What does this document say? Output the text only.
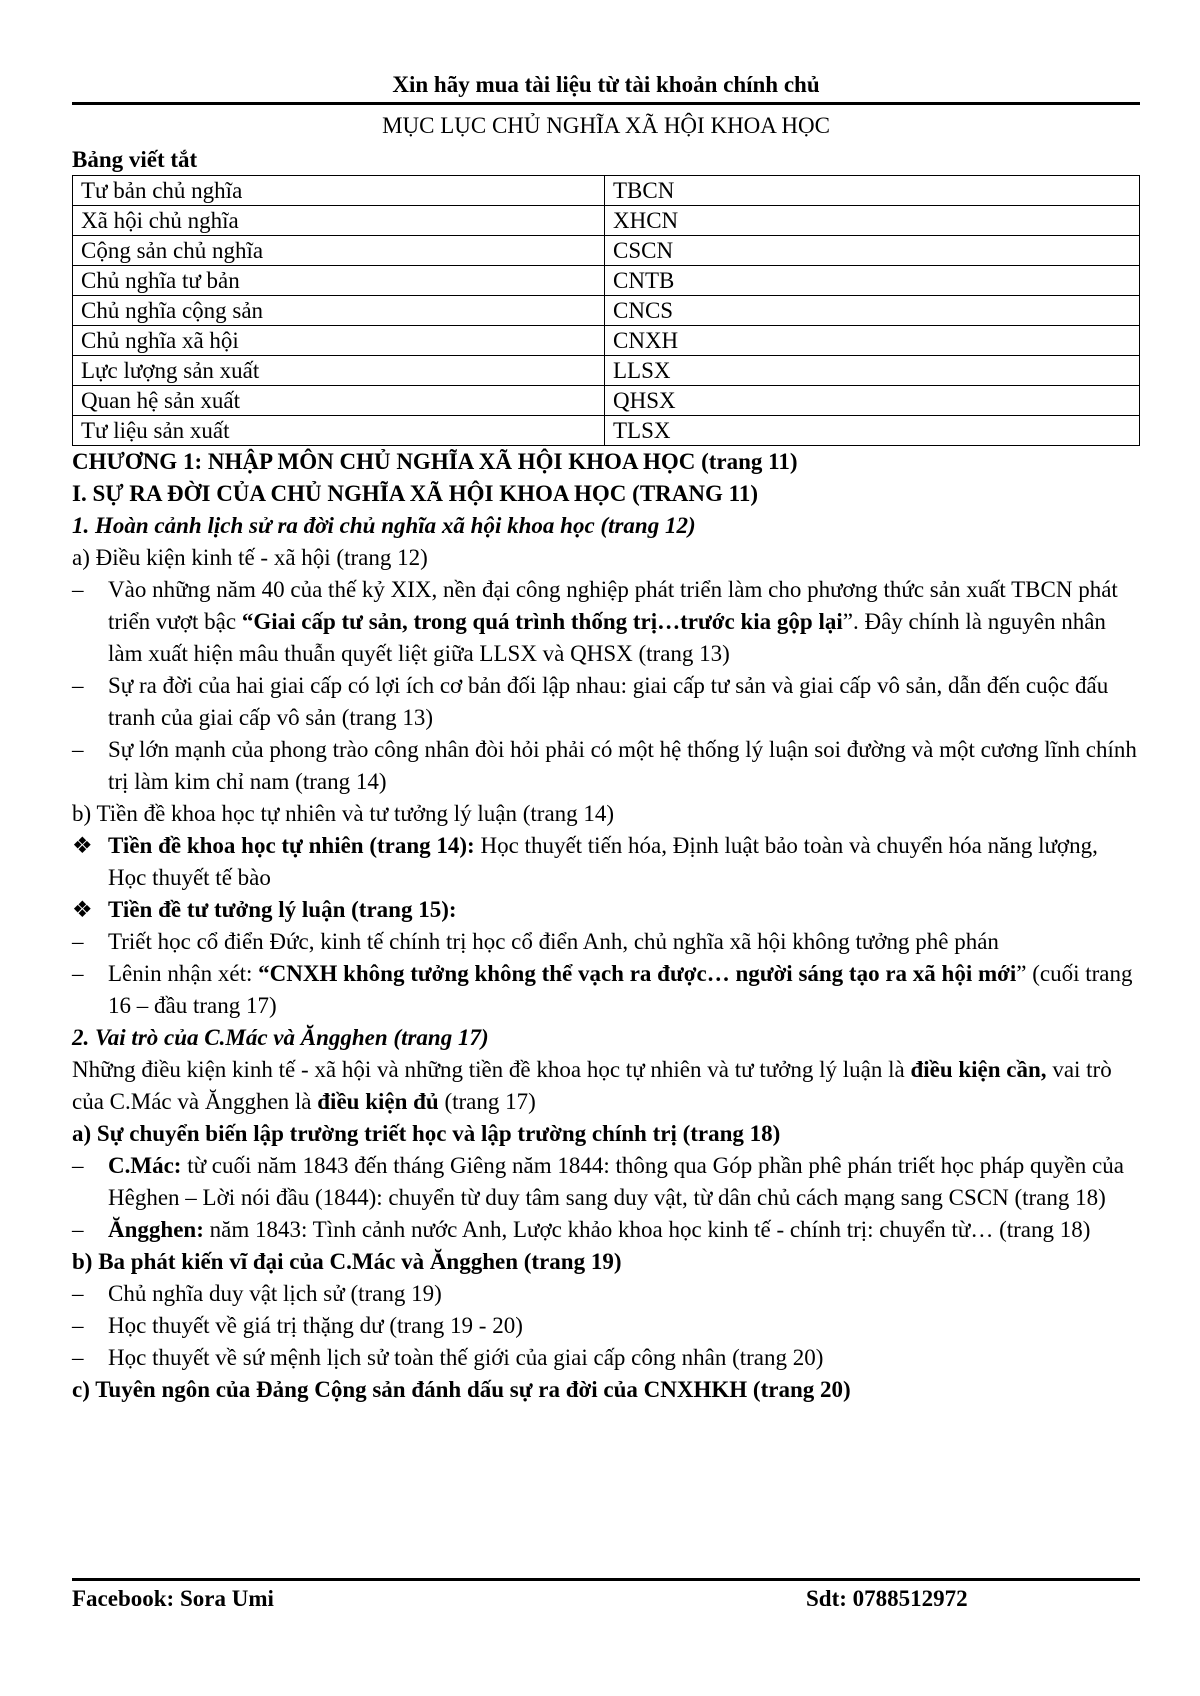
Xin hãy mua tài liệu từ tài khoản chính chủ
MỤC LỤC CHỦ NGHĨA XÃ HỘI KHOA HỌC
Bảng viết tắt
Tư bản chủ nghĩa	TBCN
Xã hội chủ nghĩa	XHCN
Cộng sản chủ nghĩa	CSCN
Chủ nghĩa tư bản	CNTB
Chủ nghĩa cộng sản	CNCS
Chủ nghĩa xã hội	CNXH
Lực lượng sản xuất	LLSX
Quan hệ sản xuất	QHSX
Tư liệu sản xuất	TLSX
CHƯƠNG 1: NHẬP MÔN CHỦ NGHĨA XÃ HỘI KHOA HỌC (trang 11)
I. SỰ RA ĐỜI CỦA CHỦ NGHĨA XÃ HỘI KHOA HỌC (TRANG 11)
1. Hoàn cảnh lịch sử ra đời chủ nghĩa xã hội khoa học (trang 12)
a) Điều kiện kinh tế - xã hội (trang 12)
–	Vào những năm 40 của thế kỷ XIX, nền đại công nghiệp phát triển làm cho phương thức sản xuất TBCN phát triển vượt bậc “Giai cấp tư sản, trong quá trình thống trị…trước kia gộp lại”. Đây chính là nguyên nhân làm xuất hiện mâu thuẫn quyết liệt giữa LLSX và QHSX (trang 13)
–	Sự ra đời của hai giai cấp có lợi ích cơ bản đối lập nhau: giai cấp tư sản và giai cấp vô sản, dẫn đến cuộc đấu tranh của giai cấp vô sản (trang 13)
–	Sự lớn mạnh của phong trào công nhân đòi hỏi phải có một hệ thống lý luận soi đường và một cương lĩnh chính trị làm kim chỉ nam (trang 14)
b) Tiền đề khoa học tự nhiên và tư tưởng lý luận (trang 14)
❖ Tiền đề khoa học tự nhiên (trang 14): Học thuyết tiến hóa, Định luật bảo toàn và chuyển hóa năng lượng, Học thuyết tế bào
❖ Tiền đề tư tưởng lý luận (trang 15):
–	Triết học cổ điển Đức, kinh tế chính trị học cổ điển Anh, chủ nghĩa xã hội không tưởng phê phán
–	Lênin nhận xét: “CNXH không tưởng không thể vạch ra được… người sáng tạo ra xã hội mới” (cuối trang 16 – đầu trang 17)
2. Vai trò của C.Mác và Ăngghen (trang 17)
Những điều kiện kinh tế - xã hội và những tiền đề khoa học tự nhiên và tư tưởng lý luận là điều kiện cần, vai trò của C.Mác và Ăngghen là điều kiện đủ (trang 17)
a) Sự chuyển biến lập trường triết học và lập trường chính trị (trang 18)
–	C.Mác: từ cuối năm 1843 đến tháng Giêng năm 1844: thông qua Góp phần phê phán triết học pháp quyền của Hêghen – Lời nói đầu (1844): chuyển từ duy tâm sang duy vật, từ dân chủ cách mạng sang CSCN (trang 18)
–	Ăngghen: năm 1843: Tình cảnh nước Anh, Lược khảo khoa học kinh tế - chính trị: chuyển từ… (trang 18)
b) Ba phát kiến vĩ đại của C.Mác và Ăngghen (trang 19)
–	Chủ nghĩa duy vật lịch sử (trang 19)
–	Học thuyết về giá trị thặng dư (trang 19 - 20)
–	Học thuyết về sứ mệnh lịch sử toàn thế giới của giai cấp công nhân (trang 20)
c) Tuyên ngôn của Đảng Cộng sản đánh dấu sự ra đời của CNXHKH (trang 20)
Facebook: Sora Umi	Sdt: 0788512972
